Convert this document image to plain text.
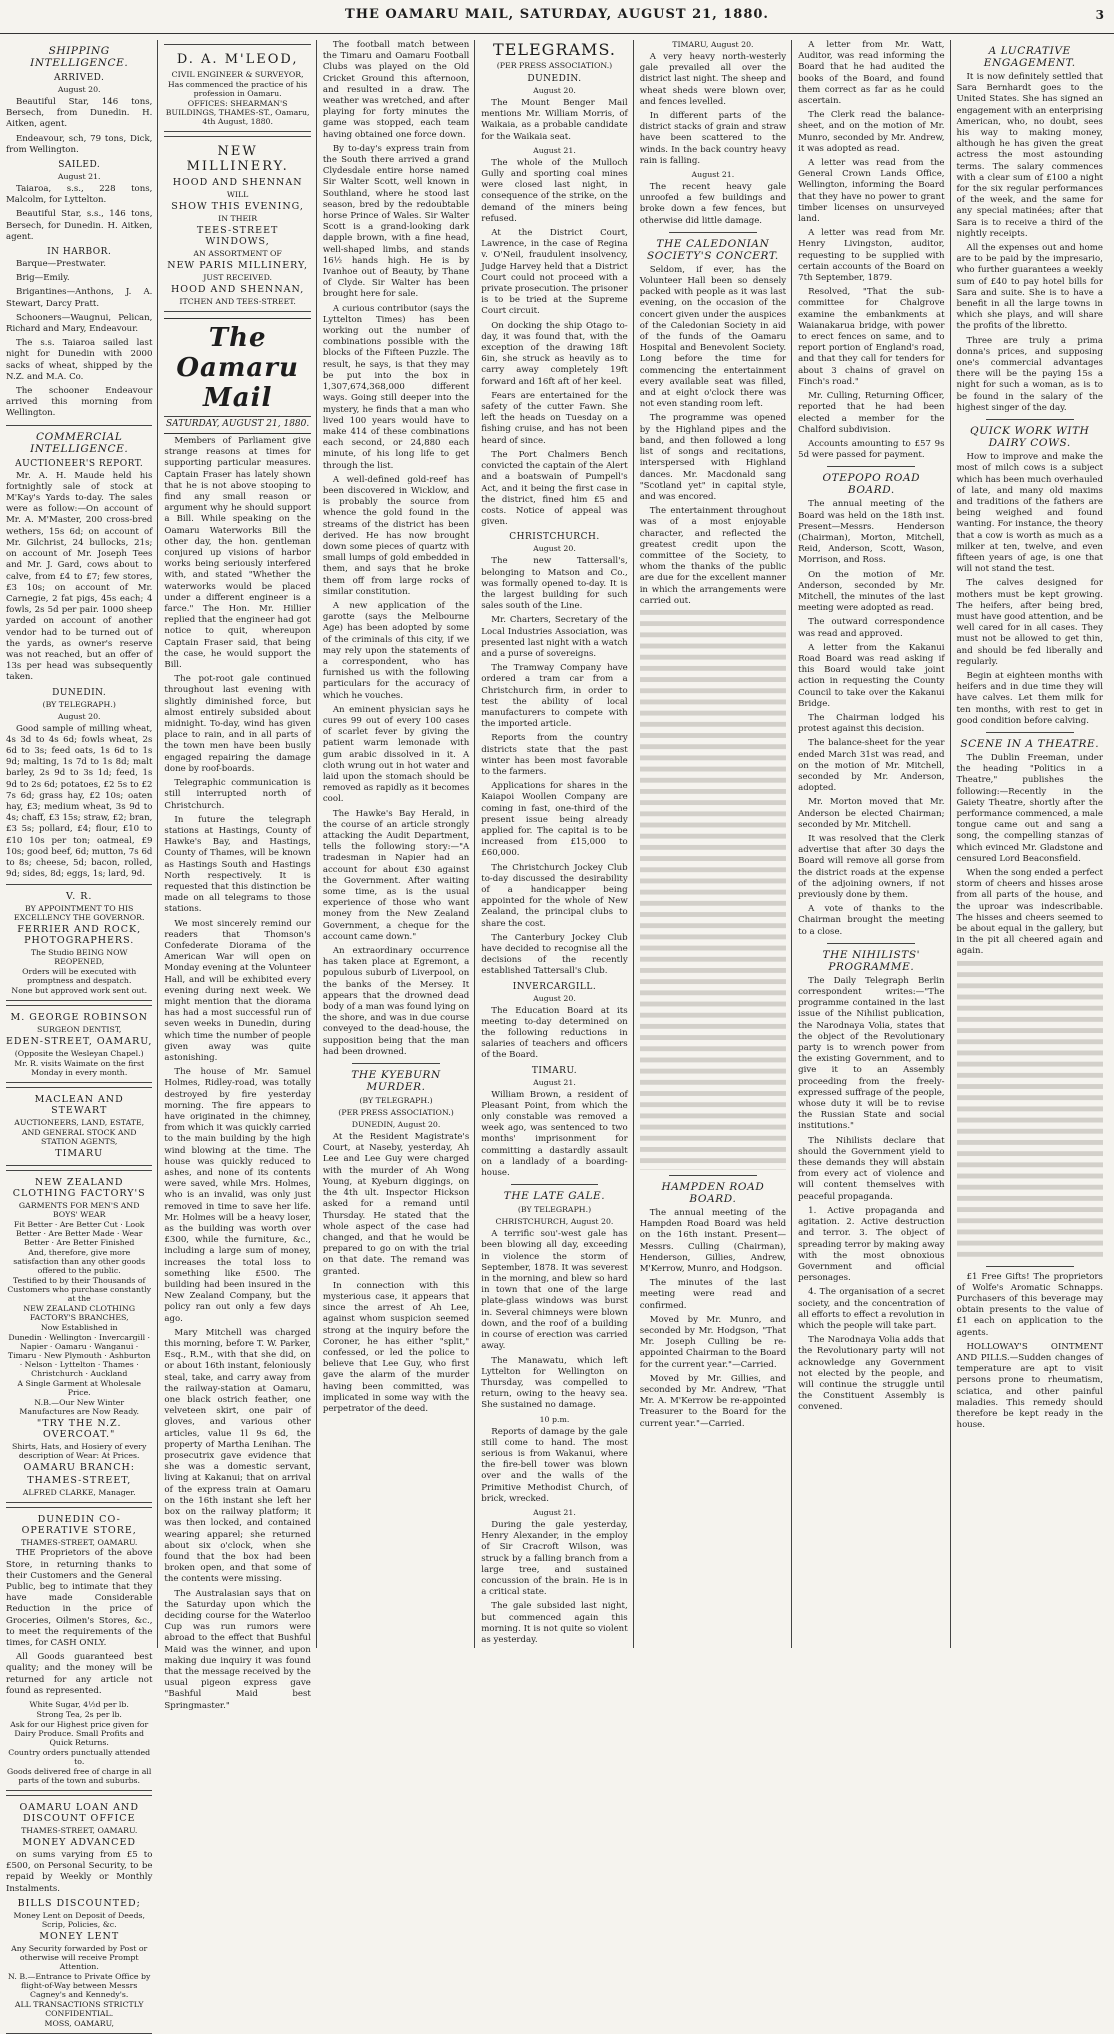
THE OAMARU MAIL, SATURDAY, AUGUST 21, 1880.	3
SHIPPING INTELLIGENCE.
ARRIVED.
August 20.

Beautiful Star, 146 tons, Bersech, from Dunedin. H. Aitken, agent.

Endeavour, sch, 79 tons, Dick, from Wellington.

SAILED.
August 21.

Taiaroa, s.s., 228 tons, Malcolm, for Lyttelton.

Beautiful Star, s.s., 146 tons, Bersech, for Dunedin. H. Aitken, agent.

IN HARBOR.

Barque—Prestwater.

Brig—Emily.

Brigantines—Anthons, J. A. Stewart, Darcy Pratt.

Schooners—Waugnui, Pelican, Richard and Mary, Endeavour.

The s.s. Taiaroa sailed last night for Dunedin with 2000 sacks of wheat, shipped by the N.Z. and M.A. Co.

The schooner Endeavour arrived this morning from Wellington.

COMMERCIAL INTELLIGENCE.
AUCTIONEER'S REPORT.

Mr. A. H. Maude held his fortnightly sale of stock at M'Kay's Yards to-day. The sales were as follow:—On account of Mr. A. M'Master, 200 cross-bred wethers, 15s 6d; on account of Mr. Gilchrist, 24 bullocks, 21s; on account of Mr. Joseph Tees and Mr. J. Gard, cows about to calve, from £4 to £7; few stores, £3 10s; on account of Mr. Carnegie, 2 fat pigs, 45s each; 4 fowls, 2s 5d per pair. 1000 sheep yarded on account of another vendor had to be turned out of the yards, as owner's reserve was not reached, but an offer of 13s per head was subsequently taken.

DUNEDIN.
(BY TELEGRAPH.)
August 20.

Good sample of milling wheat, 4s 3d to 4s 6d; fowls wheat, 2s 6d to 3s; feed oats, 1s 6d to 1s 9d; malting, 1s 7d to 1s 8d; malt barley, 2s 9d to 3s 1d; feed, 1s 9d to 2s 6d; potatoes, £2 5s to £2 7s 6d; grass hay, £2 10s; oaten hay, £3; medium wheat, 3s 9d to 4s; chaff, £3 15s; straw, £2; bran, £3 5s; pollard, £4; flour, £10 to £10 10s per ton; oatmeal, £9 10s; good beef, 6d; mutton, 7s 6d to 8s; cheese, 5d; bacon, rolled, 9d; sides, 8d; eggs, 1s; lard, 9d.

V. R.
BY APPOINTMENT TO HIS EXCELLENCY THE GOVERNOR.
FERRIER AND ROCK, PHOTOGRAPHERS.
The Studio BEING NOW REOPENED,
Orders will be executed with promptness and despatch.
None but approved work sent out.
M. GEORGE ROBINSON
SURGEON DENTIST,
EDEN-STREET, OAMARU,
(Opposite the Wesleyan Chapel.)
Mr. R. visits Waimate on the first Monday in every month.
MACLEAN AND STEWART
AUCTIONEERS, LAND, ESTATE,
AND GENERAL STOCK AND STATION AGENTS,
TIMARU
NEW ZEALAND CLOTHING FACTORY'S
GARMENTS FOR MEN'S AND BOYS' WEAR
Fit Better · Are Better Cut · Look Better · Are Better Made · Wear Better · Are Better Finished
And, therefore, give more satisfaction than any other goods offered to the public.
Testified to by their Thousands of Customers who purchase constantly at the
NEW ZEALAND CLOTHING FACTORY'S BRANCHES,
Now Established in
Dunedin · Wellington · Invercargill · Napier · Oamaru · Wanganui · Timaru · New Plymouth · Ashburton · Nelson · Lyttelton · Thames · Christchurch · Auckland
A Single Garment at Wholesale Price.
N.B.—Our New Winter Manufactures are Now Ready.
"TRY THE N.Z. OVERCOAT."
Shirts, Hats, and Hosiery of every description of Wear: At Prices.
OAMARU BRANCH:
THAMES-STREET,
ALFRED CLARKE, Manager.
DUNEDIN CO-OPERATIVE STORE,
THAMES-STREET, OAMARU.

THE Proprietors of the above Store, in returning thanks to their Customers and the General Public, beg to intimate that they have made Considerable Reduction in the price of Groceries, Oilmen's Stores, &c., to meet the requirements of the times, for CASH ONLY.

All Goods guaranteed best quality; and the money will be returned for any article not found as represented.

White Sugar, 4½d per lb.
Strong Tea, 2s per lb.
Ask for our Highest price given for Dairy Produce. Small Profits and Quick Returns.
Country orders punctually attended to.
Goods delivered free of charge in all parts of the town and suburbs.
OAMARU LOAN AND DISCOUNT OFFICE
THAMES-STREET, OAMARU.
MONEY ADVANCED

on sums varying from £5 to £500, on Personal Security, to be repaid by Weekly or Monthly Instalments.

BILLS DISCOUNTED;
Money Lent on Deposit of Deeds, Scrip, Policies, &c.
MONEY LENT
Any Security forwarded by Post or otherwise will receive Prompt Attention.
N. B.—Entrance to Private Office by flight-of-Way between Messrs Cagney's and Kennedy's.
ALL TRANSACTIONS STRICTLY CONFIDENTIAL.
MOSS, OAMARU,
D. A. M'LEOD,
CIVIL ENGINEER & SURVEYOR,
Has commenced the practice of his profession in Oamaru.
OFFICES: SHEARMAN'S BUILDINGS, THAMES-ST., Oamaru, 4th August, 1880.
NEW MILLINERY.
HOOD AND SHENNAN
WILL
SHOW THIS EVENING,
IN THEIR
TEES-STREET WINDOWS,
AN ASSORTMENT OF
NEW PARIS MILLINERY,
JUST RECEIVED.
HOOD AND SHENNAN,
ITCHEN AND TEES-STREET.
The Oamaru Mail
SATURDAY, AUGUST 21, 1880.

Members of Parliament give strange reasons at times for supporting particular measures. Captain Fraser has lately shown that he is not above stooping to find any small reason or argument why he should support a Bill. While speaking on the Oamaru Waterworks Bill the other day, the hon. gentleman conjured up visions of harbor works being seriously interfered with, and stated "Whether the waterworks would be placed under a different engineer is a farce." The Hon. Mr. Hillier replied that the engineer had got notice to quit, whereupon Captain Fraser said, that being the case, he would support the Bill.

The pot-root gale continued throughout last evening with slightly diminished force, but almost entirely subsided about midnight. To-day, wind has given place to rain, and in all parts of the town men have been busily engaged repairing the damage done by roof-boards.

Telegraphic communication is still interrupted north of Christchurch.

In future the telegraph stations at Hastings, County of Hawke's Bay, and Hastings, County of Thames, will be known as Hastings South and Hastings North respectively. It is requested that this distinction be made on all telegrams to those stations.

We most sincerely remind our readers that Thomson's Confederate Diorama of the American War will open on Monday evening at the Volunteer Hall, and will be exhibited every evening during next week. We might mention that the diorama has had a most successful run of seven weeks in Dunedin, during which time the number of people given away was quite astonishing.

The house of Mr. Samuel Holmes, Ridley-road, was totally destroyed by fire yesterday morning. The fire appears to have originated in the chimney, from which it was quickly carried to the main building by the high wind blowing at the time. The house was quickly reduced to ashes, and none of its contents were saved, while Mrs. Holmes, who is an invalid, was only just removed in time to save her life. Mr. Holmes will be a heavy loser, as the building was worth over £300, while the furniture, &c., including a large sum of money, increases the total loss to something like £500. The building had been insured in the New Zealand Company, but the policy ran out only a few days ago.

Mary Mitchell was charged this morning, before T. W. Parker, Esq., R.M., with that she did, on or about 16th instant, feloniously steal, take, and carry away from the railway-station at Oamaru, one black ostrich feather, one velveteen skirt, one pair of gloves, and various other articles, value 1l 9s 6d, the property of Martha Lenihan. The prosecutrix gave evidence that she was a domestic servant, living at Kakanui; that on arrival of the express train at Oamaru on the 16th instant she left her box on the railway platform; it was then locked, and contained wearing apparel; she returned about six o'clock, when she found that the box had been broken open, and that some of the contents were missing.

The Australasian says that on the Saturday upon which the deciding course for the Waterloo Cup was run rumors were abroad to the effect that Bushful Maid was the winner, and upon making due inquiry it was found that the message received by the usual pigeon express gave "Bashful Maid best Springmaster."

The football match between the Timaru and Oamaru Football Clubs was played on the Old Cricket Ground this afternoon, and resulted in a draw. The weather was wretched, and after playing for forty minutes the game was stopped, each team having obtained one force down.

By to-day's express train from the South there arrived a grand Clydesdale entire horse named Sir Walter Scott, well known in Southland, where he stood last season, bred by the redoubtable horse Prince of Wales. Sir Walter Scott is a grand-looking dark dapple brown, with a fine head, well-shaped limbs, and stands 16½ hands high. He is by Ivanhoe out of Beauty, by Thane of Clyde. Sir Walter has been brought here for sale.

A curious contributor (says the Lyttelton Times) has been working out the number of combinations possible with the blocks of the Fifteen Puzzle. The result, he says, is that they may be put into the box in 1,307,674,368,000 different ways. Going still deeper into the mystery, he finds that a man who lived 100 years would have to make 414 of these combinations each second, or 24,880 each minute, of his long life to get through the list.

A well-defined gold-reef has been discovered in Wicklow, and is probably the source from whence the gold found in the streams of the district has been derived. He has now brought down some pieces of quartz with small lumps of gold embedded in them, and says that he broke them off from large rocks of similar constitution.

A new application of the garotte (says the Melbourne Age) has been adopted by some of the criminals of this city, if we may rely upon the statements of a correspondent, who has furnished us with the following particulars for the accuracy of which he vouches.

An eminent physician says he cures 99 out of every 100 cases of scarlet fever by giving the patient warm lemonade with gum arabic dissolved in it. A cloth wrung out in hot water and laid upon the stomach should be removed as rapidly as it becomes cool.

The Hawke's Bay Herald, in the course of an article strongly attacking the Audit Department, tells the following story:—"A tradesman in Napier had an account for about £30 against the Government. After waiting some time, as is the usual experience of those who want money from the New Zealand Government, a cheque for the account came down."

An extraordinary occurrence has taken place at Egremont, a populous suburb of Liverpool, on the banks of the Mersey. It appears that the drowned dead body of a man was found lying on the shore, and was in due course conveyed to the dead-house, the supposition being that the man had been drowned.

THE KYEBURN MURDER.
(BY TELEGRAPH.)
(PER PRESS ASSOCIATION.)
DUNEDIN, August 20.

At the Resident Magistrate's Court, at Naseby, yesterday, Ah Lee and Lee Guy were charged with the murder of Ah Wong Young, at Kyeburn diggings, on the 4th ult. Inspector Hickson asked for a remand until Thursday. He stated that the whole aspect of the case had changed, and that he would be prepared to go on with the trial on that date. The remand was granted.

In connection with this mysterious case, it appears that since the arrest of Ah Lee, against whom suspicion seemed strong at the inquiry before the Coroner, he has either "split," confessed, or led the police to believe that Lee Guy, who first gave the alarm of the murder having been committed, was implicated in some way with the perpetrator of the deed.

TELEGRAMS.
(PER PRESS ASSOCIATION.)
DUNEDIN.
August 20.

The Mount Benger Mail mentions Mr. William Morris, of Waikaia, as a probable candidate for the Waikaia seat.

August 21.

The whole of the Mulloch Gully and sporting coal mines were closed last night, in consequence of the strike, on the demand of the miners being refused.

At the District Court, Lawrence, in the case of Regina v. O'Neil, fraudulent insolvency, Judge Harvey held that a District Court could not proceed with a private prosecution. The prisoner is to be tried at the Supreme Court circuit.

On docking the ship Otago to-day, it was found that, with the exception of the drawing 18ft 6in, she struck as heavily as to carry away completely 19ft forward and 16ft aft of her keel.

Fears are entertained for the safety of the cutter Fawn. She left the heads on Tuesday on a fishing cruise, and has not been heard of since.

The Port Chalmers Bench convicted the captain of the Alert and a boatswain of Pumpell's Act, and it being the first case in the district, fined him £5 and costs. Notice of appeal was given.

CHRISTCHURCH.
August 20.

The new Tattersall's, belonging to Matson and Co., was formally opened to-day. It is the largest building for such sales south of the Line.

Mr. Charters, Secretary of the Local Industries Association, was presented last night with a watch and a purse of sovereigns.

The Tramway Company have ordered a tram car from a Christchurch firm, in order to test the ability of local manufacturers to compete with the imported article.

Reports from the country districts state that the past winter has been most favorable to the farmers.

Applications for shares in the Kaiapoi Woollen Company are coming in fast, one-third of the present issue being already applied for. The capital is to be increased from £15,000 to £60,000.

The Christchurch Jockey Club to-day discussed the desirability of a handicapper being appointed for the whole of New Zealand, the principal clubs to share the cost.

The Canterbury Jockey Club have decided to recognise all the decisions of the recently established Tattersall's Club.

INVERCARGILL.
August 20.

The Education Board at its meeting to-day determined on the following reductions in salaries of teachers and officers of the Board.

TIMARU.
August 21.

William Brown, a resident of Pleasant Point, from which the only constable was removed a week ago, was sentenced to two months' imprisonment for committing a dastardly assault on a landlady of a boarding-house.

THE LATE GALE.
(BY TELEGRAPH.)
CHRISTCHURCH, August 20.

A terrific sou'-west gale has been blowing all day, exceeding in violence the storm of September, 1878. It was severest in the morning, and blew so hard in town that one of the large plate-glass windows was burst in. Several chimneys were blown down, and the roof of a building in course of erection was carried away.

The Manawatu, which left Lyttelton for Wellington on Thursday, was compelled to return, owing to the heavy sea. She sustained no damage.

10 p.m.

Reports of damage by the gale still come to hand. The most serious is from Wakanui, where the fire-bell tower was blown over and the walls of the Primitive Methodist Church, of brick, wrecked.

August 21.

During the gale yesterday, Henry Alexander, in the employ of Sir Cracroft Wilson, was struck by a falling branch from a large tree, and sustained concussion of the brain. He is in a critical state.

The gale subsided last night, but commenced again this morning. It is not quite so violent as yesterday.

TIMARU, August 20.

A very heavy north-westerly gale prevailed all over the district last night. The sheep and wheat sheds were blown over, and fences levelled.

In different parts of the district stacks of grain and straw have been scattered to the winds. In the back country heavy rain is falling.

August 21.

The recent heavy gale unroofed a few buildings and broke down a few fences, but otherwise did little damage.

THE CALEDONIAN SOCIETY'S CONCERT.

Seldom, if ever, has the Volunteer Hall been so densely packed with people as it was last evening, on the occasion of the concert given under the auspices of the Caledonian Society in aid of the funds of the Oamaru Hospital and Benevolent Society. Long before the time for commencing the entertainment every available seat was filled, and at eight o'clock there was not even standing room left.

The programme was opened by the Highland pipes and the band, and then followed a long list of songs and recitations, interspersed with Highland dances. Mr. Macdonald sang "Scotland yet" in capital style, and was encored.

The entertainment throughout was of a most enjoyable character, and reflected the greatest credit upon the committee of the Society, to whom the thanks of the public are due for the excellent manner in which the arrangements were carried out.

HAMPDEN ROAD BOARD.

The annual meeting of the Hampden Road Board was held on the 16th instant. Present—Messrs. Culling (Chairman), Henderson, Gillies, Andrew, M'Kerrow, Munro, and Hodgson.

The minutes of the last meeting were read and confirmed.

Moved by Mr. Munro, and seconded by Mr. Hodgson, "That Mr. Joseph Culling be re-appointed Chairman to the Board for the current year."—Carried.

Moved by Mr. Gillies, and seconded by Mr. Andrew, "That Mr. A. M'Kerrow be re-appointed Treasurer to the Board for the current year."—Carried.

A letter from Mr. Watt, Auditor, was read informing the Board that he had audited the books of the Board, and found them correct as far as he could ascertain.

The Clerk read the balance-sheet, and on the motion of Mr. Munro, seconded by Mr. Andrew, it was adopted as read.

A letter was read from the General Crown Lands Office, Wellington, informing the Board that they have no power to grant timber licenses on unsurveyed land.

A letter was read from Mr. Henry Livingston, auditor, requesting to be supplied with certain accounts of the Board on 7th September, 1879.

Resolved, "That the sub-committee for Chalgrove examine the embankments at Waianakarua bridge, with power to erect fences on same, and to report portion of England's road, and that they call for tenders for about 3 chains of gravel on Finch's road."

Mr. Culling, Returning Officer, reported that he had been elected a member for the Chalford subdivision.

Accounts amounting to £57 9s 5d were passed for payment.

OTEPOPO ROAD BOARD.

The annual meeting of the Board was held on the 18th inst. Present—Messrs. Henderson (Chairman), Morton, Mitchell, Reid, Anderson, Scott, Wason, Morrison, and Ross.

On the motion of Mr. Anderson, seconded by Mr. Mitchell, the minutes of the last meeting were adopted as read.

The outward correspondence was read and approved.

A letter from the Kakanui Road Board was read asking if this Board would take joint action in requesting the County Council to take over the Kakanui Bridge.

The Chairman lodged his protest against this decision.

The balance-sheet for the year ended March 31st was read, and on the motion of Mr. Mitchell, seconded by Mr. Anderson, adopted.

Mr. Morton moved that Mr. Anderson be elected Chairman; seconded by Mr. Mitchell.

It was resolved that the Clerk advertise that after 30 days the Board will remove all gorse from the district roads at the expense of the adjoining owners, if not previously done by them.

A vote of thanks to the Chairman brought the meeting to a close.

THE NIHILISTS' PROGRAMME.

The Daily Telegraph Berlin correspondent writes:—"The programme contained in the last issue of the Nihilist publication, the Narodnaya Volia, states that the object of the Revolutionary party is to wrench power from the existing Government, and to give it to an Assembly proceeding from the freely-expressed suffrage of the people, whose duty it will be to revise the Russian State and social institutions."

The Nihilists declare that should the Government yield to these demands they will abstain from every act of violence and will content themselves with peaceful propaganda.

1. Active propaganda and agitation. 2. Active destruction and terror. 3. The object of spreading terror by making away with the most obnoxious Government and official personages.

4. The organisation of a secret society, and the concentration of all efforts to effect a revolution in which the people will take part.

The Narodnaya Volia adds that the Revolutionary party will not acknowledge any Government not elected by the people, and will continue the struggle until the Constituent Assembly is convened.

A LUCRATIVE ENGAGEMENT.

It is now definitely settled that Sara Bernhardt goes to the United States. She has signed an engagement with an enterprising American, who, no doubt, sees his way to making money, although he has given the great actress the most astounding terms. The salary commences with a clear sum of £100 a night for the six regular performances of the week, and the same for any special matinées; after that Sara is to receive a third of the nightly receipts.

All the expenses out and home are to be paid by the impresario, who further guarantees a weekly sum of £40 to pay hotel bills for Sara and suite. She is to have a benefit in all the large towns in which she plays, and will share the profits of the libretto.

Three are truly a prima donna's prices, and supposing one's commercial advantages there will be the paying 15s a night for such a woman, as is to be found in the salary of the highest singer of the day.

QUICK WORK WITH DAIRY COWS.

How to improve and make the most of milch cows is a subject which has been much overhauled of late, and many old maxims and traditions of the fathers are being weighed and found wanting. For instance, the theory that a cow is worth as much as a milker at ten, twelve, and even fifteen years of age, is one that will not stand the test.

The calves designed for mothers must be kept growing. The heifers, after being bred, must have good attention, and be well cared for in all cases. They must not be allowed to get thin, and should be fed liberally and regularly.

Begin at eighteen months with heifers and in due time they will have calves. Let them milk for ten months, with rest to get in good condition before calving.

SCENE IN A THEATRE.

The Dublin Freeman, under the heading "Politics in a Theatre," publishes the following:—Recently in the Gaiety Theatre, shortly after the performance commenced, a male tongue came out and sang a song, the compelling stanzas of which evinced Mr. Gladstone and censured Lord Beaconsfield.

When the song ended a perfect storm of cheers and hisses arose from all parts of the house, and the uproar was indescribable. The hisses and cheers seemed to be about equal in the gallery, but in the pit all cheered again and again.

£1 Free Gifts! The proprietors of Wolfe's Aromatic Schnapps. Purchasers of this beverage may obtain presents to the value of £1 each on application to the agents.

HOLLOWAY'S OINTMENT AND PILLS.—Sudden changes of temperature are apt to visit persons prone to rheumatism, sciatica, and other painful maladies. This remedy should therefore be kept ready in the house.
